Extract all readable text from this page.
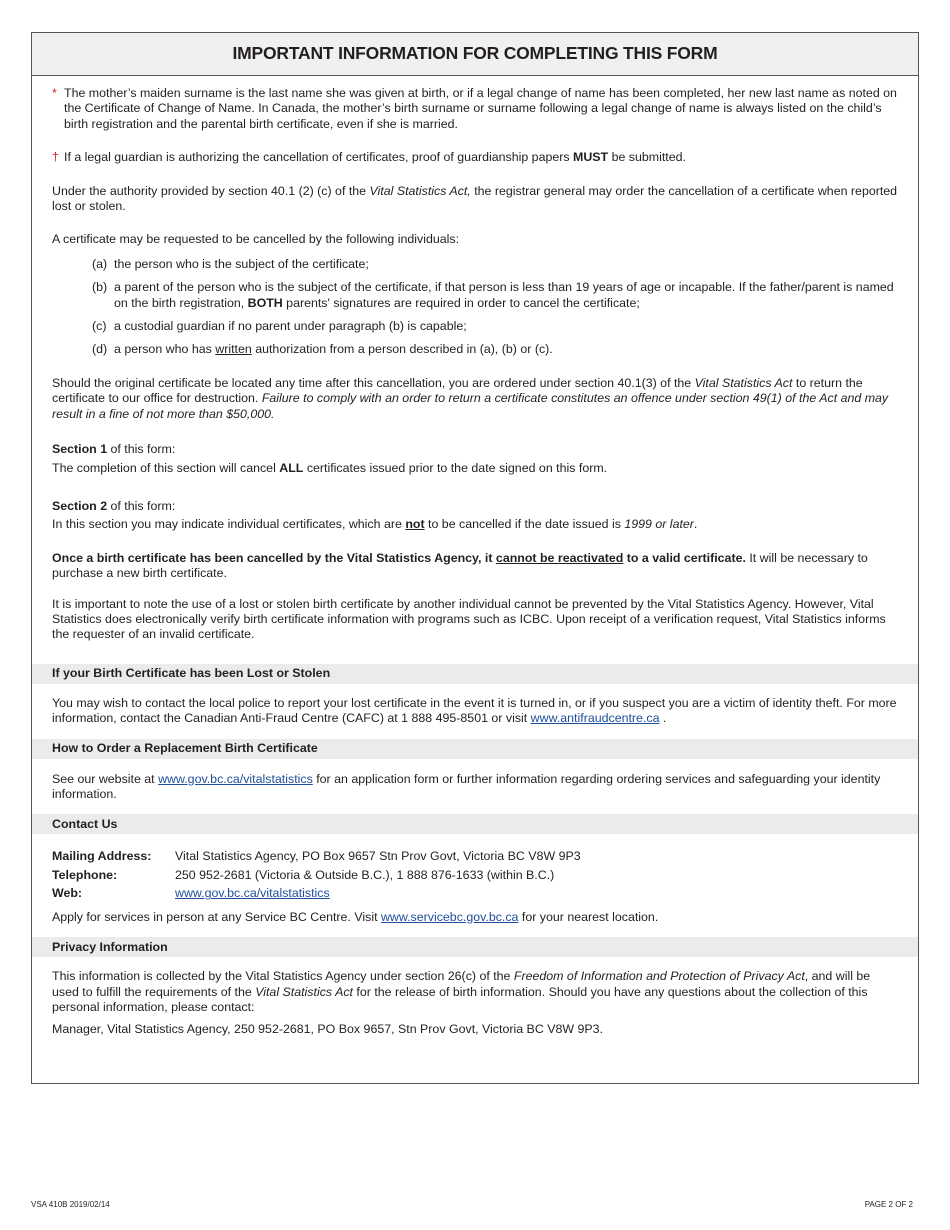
IMPORTANT INFORMATION FOR COMPLETING THIS FORM
* The mother’s maiden surname is the last name she was given at birth, or if a legal change of name has been completed, her new last name as noted on the Certificate of Change of Name. In Canada, the mother’s birth surname or surname following a legal change of name is always listed on the child’s birth registration and the parental birth certificate, even if she is married.

† If a legal guardian is authorizing the cancellation of certificates, proof of guardianship papers MUST be submitted.

Under the authority provided by section 40.1 (2) (c) of the Vital Statistics Act, the registrar general may order the cancellation of a certificate when reported lost or stolen.

A certificate may be requested to be cancelled by the following individuals:

(a) the person who is the subject of the certificate;
(b) a parent of the person who is the subject of the certificate, if that person is less than 19 years of age or incapable. If the father/parent is named on the birth registration, BOTH parents' signatures are required in order to cancel the certificate;
(c) a custodial guardian if no parent under paragraph (b) is capable;
(d) a person who has written authorization from a person described in (a), (b) or (c).

Should the original certificate be located any time after this cancellation, you are ordered under section 40.1(3) of the Vital Statistics Act to return the certificate to our office for destruction. Failure to comply with an order to return a certificate constitutes an offence under section 49(1) of the Act and may result in a fine of not more than $50,000.

Section 1 of this form:

The completion of this section will cancel ALL certificates issued prior to the date signed on this form.

Section 2 of this form:

In this section you may indicate individual certificates, which are not to be cancelled if the date issued is 1999 or later.

Once a birth certificate has been cancelled by the Vital Statistics Agency, it cannot be reactivated to a valid certificate. It will be necessary to purchase a new birth certificate.

It is important to note the use of a lost or stolen birth certificate by another individual cannot be prevented by the Vital Statistics Agency. However, Vital Statistics does electronically verify birth certificate information with programs such as ICBC. Upon receipt of a verification request, Vital Statistics informs the requester of an invalid certificate.

If your Birth Certificate has been Lost or Stolen

You may wish to contact the local police to report your lost certificate in the event it is turned in, or if you suspect you are a victim of identity theft. For more information, contact the Canadian Anti-Fraud Centre (CAFC) at 1 888 495-8501 or visit www.antifraudcentre.ca .

How to Order a Replacement Birth Certificate

See our website at www.gov.bc.ca/vitalstatistics for an application form or further information regarding ordering services and safeguarding your identity information.

Contact Us
Mailing Address:	Vital Statistics Agency, PO Box 9657 Stn Prov Govt, Victoria BC V8W 9P3
Telephone:	250 952-2681 (Victoria & Outside B.C.), 1 888 876-1633 (within B.C.)
Web:	www.gov.bc.ca/vitalstatistics

Apply for services in person at any Service BC Centre. Visit www.servicebc.gov.bc.ca for your nearest location.

Privacy Information

This information is collected by the Vital Statistics Agency under section 26(c) of the Freedom of Information and Protection of Privacy Act, and will be used to fulfill the requirements of the Vital Statistics Act for the release of birth information. Should you have any questions about the collection of this personal information, please contact:

Manager, Vital Statistics Agency, 250 952-2681, PO Box 9657, Stn Prov Govt, Victoria BC V8W 9P3.

VSA 410B 2019/02/14	PAGE 2 OF 2
